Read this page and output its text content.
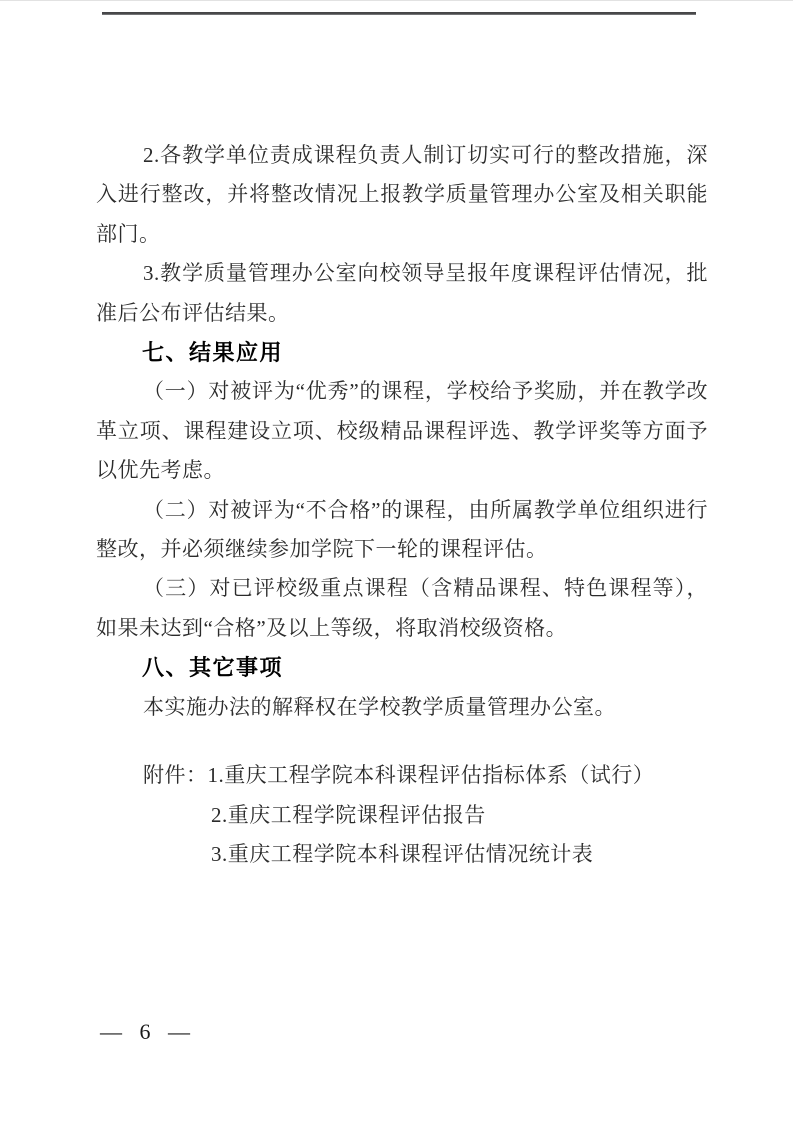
2.各教学单位责成课程负责人制订切实可行的整改措施，深入进行整改，并将整改情况上报教学质量管理办公室及相关职能部门。

3.教学质量管理办公室向校领导呈报年度课程评估情况，批准后公布评估结果。

七、结果应用

（一）对被评为“优秀”的课程，学校给予奖励，并在教学改革立项、课程建设立项、校级精品课程评选、教学评奖等方面予以优先考虑。

（二）对被评为“不合格”的课程，由所属教学单位组织进行整改，并必须继续参加学院下一轮的课程评估。

（三）对已评校级重点课程（含精品课程、特色课程等），如果未达到“合格”及以上等级，将取消校级资格。

八、其它事项

本实施办法的解释权在学校教学质量管理办公室。

附件：1.重庆工程学院本科课程评估指标体系（试行）

2.重庆工程学院课程评估报告

3.重庆工程学院本科课程评估情况统计表

— 6 —
